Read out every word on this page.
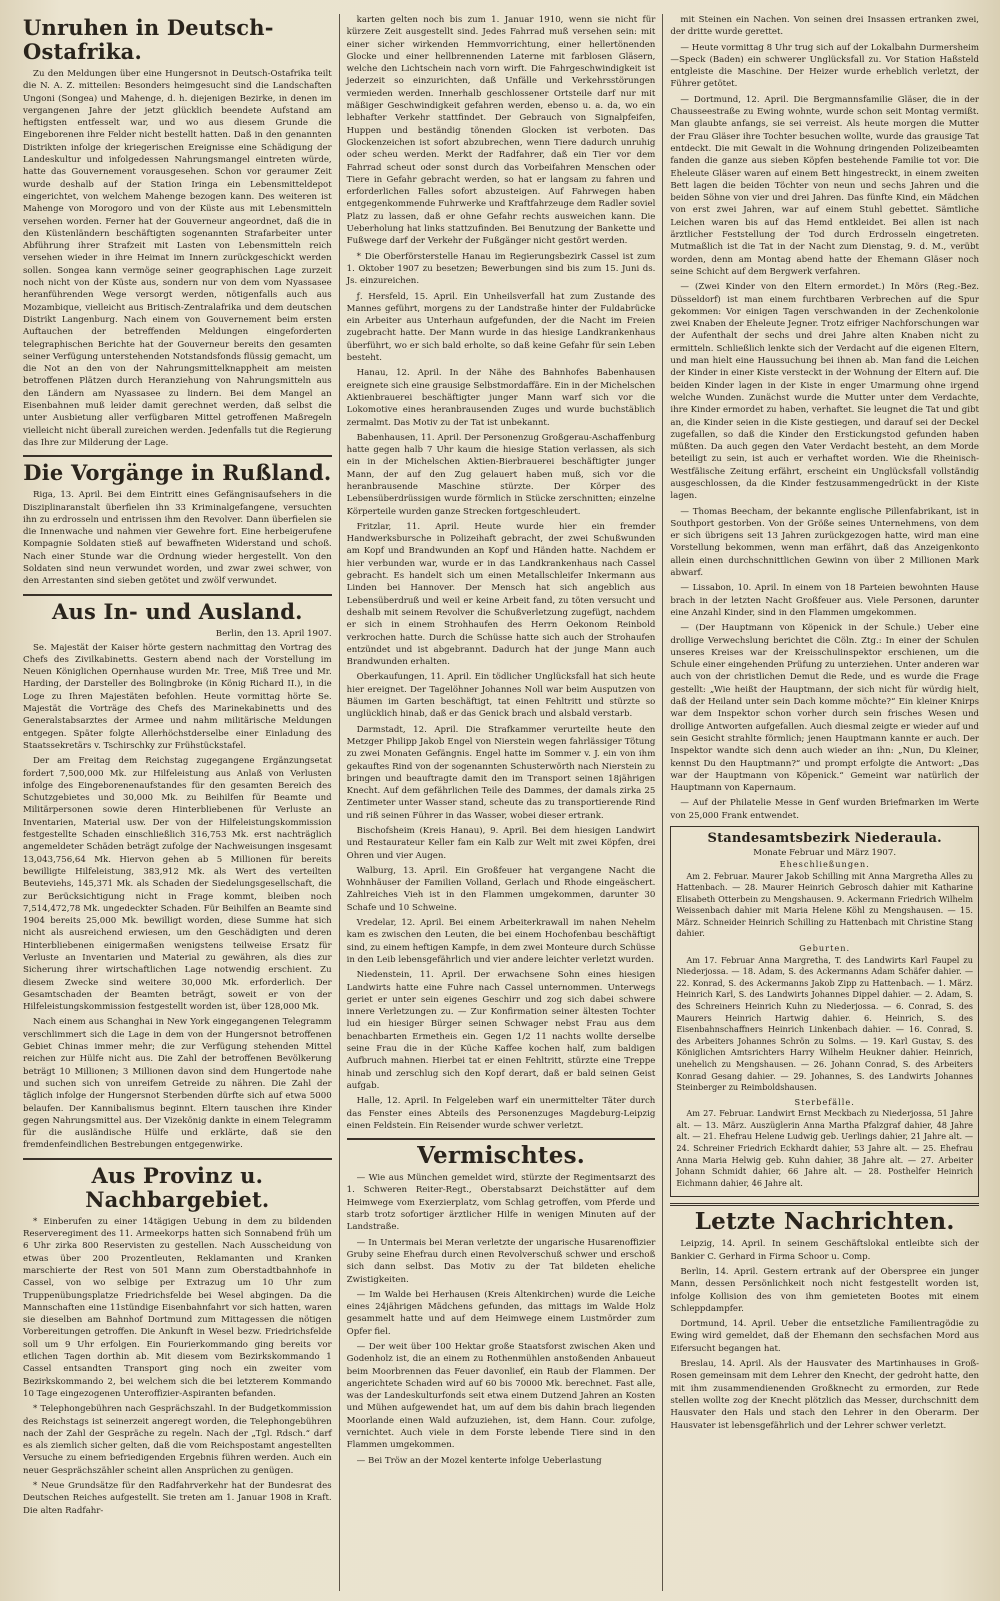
Unruhen in Deutsch-Ostafrika.

Zu den Meldungen über eine Hungersnot in Deutsch-Ostafrika teilt die N. A. Z. mitteilen: Besonders heimgesucht sind die Landschaften Ungoni (Songea) und Mahenge, d. h. diejenigen Bezirke, in denen im vergangenen Jahre der jetzt glücklich beendete Aufstand am heftigsten entfesselt war, und wo aus diesem Grunde die Eingeborenen ihre Felder nicht bestellt hatten. Daß in den genannten Distrikten infolge der kriegerischen Ereignisse eine Schädigung der Landeskultur und infolgedessen Nahrungsmangel eintreten würde, hatte das Gouvernement vorausgesehen. Schon vor geraumer Zeit wurde deshalb auf der Station Iringa ein Lebensmitteldepot eingerichtet, von welchem Mahenge bezogen kann. Des weiteren ist Mahenge von Morogoro und von der Küste aus mit Lebensmitteln versehen worden. Ferner hat der Gouverneur angeordnet, daß die in den Küstenländern beschäftigten sogenannten Strafarbeiter unter Abführung ihrer Strafzeit mit Lasten von Lebensmitteln reich versehen wieder in ihre Heimat im Innern zurückgeschickt werden sollen. Songea kann vermöge seiner geographischen Lage zurzeit noch nicht von der Küste aus, sondern nur von dem vom Nyassasee heranführenden Wege versorgt werden, nötigenfalls auch aus Mozambique, vielleicht aus Britisch-Zentralafrika und dem deutschen Distrikt Langenburg. Nach einem von Gouvernement beim ersten Auftauchen der betreffenden Meldungen eingeforderten telegraphischen Berichte hat der Gouverneur bereits den gesamten seiner Verfügung unterstehenden Notstandsfonds flüssig gemacht, um die Not an den von der Nahrungsmittelknappheit am meisten betroffenen Plätzen durch Heranziehung von Nahrungsmitteln aus den Ländern am Nyassasee zu lindern. Bei dem Mangel an Eisenbahnen muß leider damit gerechnet werden, daß selbst die unter Ausbietung aller verfügbaren Mittel getroffenen Maßregeln vielleicht nicht überall zureichen werden. Jedenfalls tut die Regierung das Ihre zur Milderung der Lage.

Die Vorgänge in Rußland.

Riga, 13. April. Bei dem Eintritt eines Gefängnisaufsehers in die Disziplinaranstalt überfielen ihn 33 Kriminalgefangene, versuchten ihn zu erdrosseln und entrissen ihm den Revolver. Dann überfielen sie die Innenwache und nahmen vier Gewehre fort. Eine herbeigerufene Kompagnie Soldaten stieß auf bewaffneten Widerstand und schoß. Nach einer Stunde war die Ordnung wieder hergestellt. Von den Soldaten sind neun verwundet worden, und zwar zwei schwer, von den Arrestanten sind sieben getötet und zwölf verwundet.

Aus In- und Ausland.
Berlin, den 13. April 1907.

Se. Majestät der Kaiser hörte gestern nachmittag den Vortrag des Chefs des Zivilkabinetts. Gestern abend nach der Vorstellung im Neuen Königlichen Opernhause wurden Mr. Tree, Miß Tree und Mr. Harding, der Darsteller des Bolingbroke (in König Richard II.), in die Loge zu Ihren Majestäten befohlen. Heute vormittag hörte Se. Majestät die Vorträge des Chefs des Marinekabinetts und des Generalstabsarztes der Armee und nahm militärische Meldungen entgegen. Später folgte Allerhöchstderselbe einer Einladung des Staatssekretärs v. Tschirschky zur Frühstückstafel.

Der am Freitag dem Reichstag zugegangene Ergänzungsetat fordert 7,500,000 Mk. zur Hilfeleistung aus Anlaß von Verlusten infolge des Eingeborenenaufstandes für den gesamten Bereich des Schutzgebietes und 30,000 Mk. zu Beihilfen für Beamte und Militärpersonen sowie deren Hinterbliebenen für Verluste an Inventarien, Material usw. Der von der Hilfeleistungskommission festgestellte Schaden einschließlich 316,753 Mk. erst nachträglich angemeldeter Schäden beträgt zufolge der Nachweisungen insgesamt 13,043,756,64 Mk. Hiervon gehen ab 5 Millionen für bereits bewilligte Hilfeleistung, 383,912 Mk. als Wert des verteilten Beuteviehs, 145,371 Mk. als Schaden der Siedelungsgesellschaft, die zur Berücksichtigung nicht in Frage kommt, bleiben noch 7,514,472,78 Mk. ungedeckter Schaden. Für Beihilfen an Beamte sind 1904 bereits 25,000 Mk. bewilligt worden, diese Summe hat sich nicht als ausreichend erwiesen, um den Geschädigten und deren Hinterbliebenen einigermaßen wenigstens teilweise Ersatz für Verluste an Inventarien und Material zu gewähren, als dies zur Sicherung ihrer wirtschaftlichen Lage notwendig erschient. Zu diesem Zwecke sind weitere 30,000 Mk. erforderlich. Der Gesamtschaden der Beamten beträgt, soweit er von der Hilfeleistungskommission festgestellt worden ist, über 128,000 Mk.

Nach einem aus Schanghai in New York eingegangenen Telegramm verschlimmert sich die Lage in dem von der Hungersnot betroffenen Gebiet Chinas immer mehr; die zur Verfügung stehenden Mittel reichen zur Hülfe nicht aus. Die Zahl der betroffenen Bevölkerung beträgt 10 Millionen; 3 Millionen davon sind dem Hungertode nahe und suchen sich von unreifem Getreide zu nähren. Die Zahl der täglich infolge der Hungersnot Sterbenden dürfte sich auf etwa 5000 belaufen. Der Kannibalismus beginnt. Eltern tauschen ihre Kinder gegen Nahrungsmittel aus. Der Vizekönig dankte in einem Telegramm für die ausländische Hülfe und erklärte, daß sie den fremdenfeindlichen Bestrebungen entgegenwirke.

Aus Provinz u. Nachbargebiet.

* Einberufen zu einer 14tägigen Uebung in dem zu bildenden Reserveregiment des 11. Armeekorps hatten sich Sonnabend früh um 6 Uhr zirka 800 Reservisten zu gestellen. Nach Ausscheidung von etwas über 200 Prozentleuten, Reklamanten und Kranken marschierte der Rest von 501 Mann zum Oberstadtbahnhofe in Cassel, von wo selbige per Extrazug um 10 Uhr zum Truppenübungsplatze Friedrichsfelde bei Wesel abgingen. Da die Mannschaften eine 11stündige Eisenbahnfahrt vor sich hatten, waren sie dieselben am Bahnhof Dortmund zum Mittagessen die nötigen Vorbereitungen getroffen. Die Ankunft in Wesel bezw. Friedrichsfelde soll um 9 Uhr erfolgen. Ein Fourierkommando ging bereits vor etlichen Tagen dorthin ab. Mit diesem vom Bezirkskommando 1 Cassel entsandten Transport ging noch ein zweiter vom Bezirkskommando 2, bei welchem sich die bei letzterem Kommando 10 Tage eingezogenen Unteroffizier-Aspiranten befanden.

* Telephongebühren nach Gesprächszahl. In der Budgetkommission des Reichstags ist seinerzeit angeregt worden, die Telephongebühren nach der Zahl der Gespräche zu regeln. Nach der „Tgl. Rdsch.“ darf es als ziemlich sicher gelten, daß die vom Reichspostamt angestellten Versuche zu einem befriedigenden Ergebnis führen werden. Auch ein neuer Gesprächszähler scheint allen Ansprüchen zu genügen.

* Neue Grundsätze für den Radfahrverkehr hat der Bundesrat des Deutschen Reiches aufgestellt. Sie treten am 1. Januar 1908 in Kraft. Die alten Radfahr-

karten gelten noch bis zum 1. Januar 1910, wenn sie nicht für kürzere Zeit ausgestellt sind. Jedes Fahrrad muß versehen sein: mit einer sicher wirkenden Hemmvorrichtung, einer hellertönenden Glocke und einer hellbrennenden Laterne mit farblosen Gläsern, welche den Lichtschein nach vorn wirft. Die Fahrgeschwindigkeit ist jederzeit so einzurichten, daß Unfälle und Verkehrsstörungen vermieden werden. Innerhalb geschlossener Ortsteile darf nur mit mäßiger Geschwindigkeit gefahren werden, ebenso u. a. da, wo ein lebhafter Verkehr stattfindet. Der Gebrauch von Signalpfeifen, Huppen und beständig tönenden Glocken ist verboten. Das Glockenzeichen ist sofort abzubrechen, wenn Tiere dadurch unruhig oder scheu werden. Merkt der Radfahrer, daß ein Tier vor dem Fahrrad scheut oder sonst durch das Vorbeifahren Menschen oder Tiere in Gefahr gebracht werden, so hat er langsam zu fahren und erforderlichen Falles sofort abzusteigen. Auf Fahrwegen haben entgegenkommende Fuhrwerke und Kraftfahrzeuge dem Radler soviel Platz zu lassen, daß er ohne Gefahr rechts ausweichen kann. Die Ueberholung hat links stattzufinden. Bei Benutzung der Bankette und Fußwege darf der Verkehr der Fußgänger nicht gestört werden.

* Die Oberförsterstelle Hanau im Regierungsbezirk Cassel ist zum 1. Oktober 1907 zu besetzen; Bewerbungen sind bis zum 15. Juni ds. Js. einzureichen.

ƒ. Hersfeld, 15. April. Ein Unheilsverfall hat zum Zustande des Mannes geführt, morgens zu der Landstraße hinter der Fuldabrücke ein Arbeiter aus Unterhaun aufgefunden, der die Nacht im Freien zugebracht hatte. Der Mann wurde in das hiesige Landkrankenhaus überführt, wo er sich bald erholte, so daß keine Gefahr für sein Leben besteht.

Hanau, 12. April. In der Nähe des Bahnhofes Babenhausen ereignete sich eine grausige Selbstmordaffäre. Ein in der Michelschen Aktienbrauerei beschäftigter junger Mann warf sich vor die Lokomotive eines heranbrausenden Zuges und wurde buchstäblich zermalmt. Das Motiv zu der Tat ist unbekannt.

Babenhausen, 11. April. Der Personenzug Großgerau-Aschaffenburg hatte gegen halb 7 Uhr kaum die hiesige Station verlassen, als sich ein in der Michelschen Aktien-Bierbrauerei beschäftigter junger Mann, der auf den Zug gelauert haben muß, sich vor die heranbrausende Maschine stürzte. Der Körper des Lebensüberdrüssigen wurde förmlich in Stücke zerschnitten; einzelne Körperteile wurden ganze Strecken fortgeschleudert.

Fritzlar, 11. April. Heute wurde hier ein fremder Handwerksbursche in Polizeihaft gebracht, der zwei Schußwunden am Kopf und Brandwunden an Kopf und Händen hatte. Nachdem er hier verbunden war, wurde er in das Landkrankenhaus nach Cassel gebracht. Es handelt sich um einen Metallschleifer Inkermann aus Linden bei Hannover. Der Mensch hat sich angeblich aus Lebensüberdruß und weil er keine Arbeit fand, zu töten versucht und deshalb mit seinem Revolver die Schußverletzung zugefügt, nachdem er sich in einem Strohhaufen des Herrn Oekonom Reinbold verkrochen hatte. Durch die Schüsse hatte sich auch der Strohaufen entzündet und ist abgebrannt. Dadurch hat der junge Mann auch Brandwunden erhalten.

Oberkaufungen, 11. April. Ein tödlicher Unglücksfall hat sich heute hier ereignet. Der Tagelöhner Johannes Noll war beim Ausputzen von Bäumen im Garten beschäftigt, tat einen Fehltritt und stürzte so unglücklich hinab, daß er das Genick brach und alsbald verstarb.

Darmstadt, 12. April. Die Strafkammer verurteilte heute den Metzger Philipp Jakob Engel von Nierstein wegen fahrlässiger Tötung zu zwei Monaten Gefängnis. Engel hatte im Sommer v. J. ein von ihm gekauftes Rind von der sogenannten Schusterwörth nach Nierstein zu bringen und beauftragte damit den im Transport seinen 18jährigen Knecht. Auf dem gefährlichen Teile des Dammes, der damals zirka 25 Zentimeter unter Wasser stand, scheute das zu transportierende Rind und riß seinen Führer in das Wasser, wobei dieser ertrank.

Bischofsheim (Kreis Hanau), 9. April. Bei dem hiesigen Landwirt und Restaurateur Keller fam ein Kalb zur Welt mit zwei Köpfen, drei Ohren und vier Augen.

Walburg, 13. April. Ein Großfeuer hat vergangene Nacht die Wohnhäuser der Familien Volland, Gerlach und Rhode eingeäschert. Zahlreiches Vieh ist in den Flammen umgekommen, darunter 30 Schafe und 10 Schweine.

Vredelar, 12. April. Bei einem Arbeiterkrawall im nahen Nehelm kam es zwischen den Leuten, die bei einem Hochofenbau beschäftigt sind, zu einem heftigen Kampfe, in dem zwei Monteure durch Schüsse in den Leib lebensgefährlich und vier andere leichter verletzt wurden.

Niedenstein, 11. April. Der erwachsene Sohn eines hiesigen Landwirts hatte eine Fuhre nach Cassel unternommen. Unterwegs geriet er unter sein eigenes Geschirr und zog sich dabei schwere innere Verletzungen zu. — Zur Konfirmation seiner ältesten Tochter lud ein hiesiger Bürger seinen Schwager nebst Frau aus dem benachbarten Ermetheis ein. Gegen 1/2 11 nachts wollte derselbe seine Frau die in der Küche Kaffee kochen half, zum baldigen Aufbruch mahnen. Hierbei tat er einen Fehltritt, stürzte eine Treppe hinab und zerschlug sich den Kopf derart, daß er bald seinen Geist aufgab.

Halle, 12. April. In Felgeleben warf ein unermittelter Täter durch das Fenster eines Abteils des Personenzuges Magdeburg-Leipzig einen Feldstein. Ein Reisender wurde schwer verletzt.

Vermischtes.

— Wie aus München gemeldet wird, stürzte der Regimentsarzt des 1. Schweren Reiter-Regt., Oberstabsarzt Deichstätter auf dem Heimwege vom Exerzierplatz, vom Schlag getroffen, vom Pferde und starb trotz sofortiger ärztlicher Hilfe in wenigen Minuten auf der Landstraße.

— In Untermais bei Meran verletzte der ungarische Husarenoffizier Gruby seine Ehefrau durch einen Revolverschuß schwer und erschoß sich dann selbst. Das Motiv zu der Tat bildeten eheliche Zwistigkeiten.

— Im Walde bei Herhausen (Kreis Altenkirchen) wurde die Leiche eines 24jährigen Mädchens gefunden, das mittags im Walde Holz gesammelt hatte und auf dem Heimwege einem Lustmörder zum Opfer fiel.

— Der weit über 100 Hektar große Staatsforst zwischen Aken und Godenholz ist, die an einem zu Rothenmühlen anstoßenden Anbaueut beim Moorbrennen das Feuer davonlief, ein Raub der Flammen. Der angerichtete Schaden wird auf 60 bis 70000 Mk. berechnet. Fast alle, was der Landeskulturfonds seit etwa einem Dutzend Jahren an Kosten und Mühen aufgewendet hat, um auf dem bis dahin brach liegenden Moorlande einen Wald aufzuziehen, ist, dem Hann. Cour. zufolge, vernichtet. Auch viele in dem Forste lebende Tiere sind in den Flammen umgekommen.

— Bei Tröw an der Mozel kenterte infolge Ueberlastung

mit Steinen ein Nachen. Von seinen drei Insassen ertranken zwei, der dritte wurde gerettet.

— Heute vormittag 8 Uhr trug sich auf der Lokalbahn Durmersheim—Speck (Baden) ein schwerer Unglücksfall zu. Vor Station Haßsteld entgleiste die Maschine. Der Heizer wurde erheblich verletzt, der Führer getötet.

— Dortmund, 12. April. Die Bergmannsfamilie Gläser, die in der Chausseestraße zu Ewing wohnte, wurde schon seit Montag vermißt. Man glaubte anfangs, sie sei verreist. Als heute morgen die Mutter der Frau Gläser ihre Tochter besuchen wollte, wurde das grausige Tat entdeckt. Die mit Gewalt in die Wohnung dringenden Polizeibeamten fanden die ganze aus sieben Köpfen bestehende Familie tot vor. Die Eheleute Gläser waren auf einem Bett hingestreckt, in einem zweiten Bett lagen die beiden Töchter von neun und sechs Jahren und die beiden Söhne von vier und drei Jahren. Das fünfte Kind, ein Mädchen von erst zwei Jahren, war auf einem Stuhl gebettet. Sämtliche Leichen waren bis auf das Hemd entkleidet. Bei allen ist nach ärztlicher Feststellung der Tod durch Erdrosseln eingetreten. Mutmaßlich ist die Tat in der Nacht zum Dienstag, 9. d. M., verübt worden, denn am Montag abend hatte der Ehemann Gläser noch seine Schicht auf dem Bergwerk verfahren.

— (Zwei Kinder von den Eltern ermordet.) In Mörs (Reg.-Bez. Düsseldorf) ist man einem furchtbaren Verbrechen auf die Spur gekommen: Vor einigen Tagen verschwanden in der Zechenkolonie zwei Knaben der Eheleute Jegner. Trotz eifriger Nachforschungen war der Aufenthalt der sechs und drei Jahre alten Knaben nicht zu ermitteln. Schließlich lenkte sich der Verdacht auf die eigenen Eltern, und man hielt eine Haussuchung bei ihnen ab. Man fand die Leichen der Kinder in einer Kiste versteckt in der Wohnung der Eltern auf. Die beiden Kinder lagen in der Kiste in enger Umarmung ohne irgend welche Wunden. Zunächst wurde die Mutter unter dem Verdachte, ihre Kinder ermordet zu haben, verhaftet. Sie leugnet die Tat und gibt an, die Kinder seien in die Kiste gestiegen, und darauf sei der Deckel zugefallen, so daß die Kinder den Erstickungstod gefunden haben müßten. Da auch gegen den Vater Verdacht besteht, an dem Morde beteiligt zu sein, ist auch er verhaftet worden. Wie die Rheinisch-Westfälische Zeitung erfährt, erscheint ein Unglücksfall vollständig ausgeschlossen, da die Kinder festzusammengedrückt in der Kiste lagen.

— Thomas Beecham, der bekannte englische Pillenfabrikant, ist in Southport gestorben. Von der Größe seines Unternehmens, von dem er sich übrigens seit 13 Jahren zurückgezogen hatte, wird man eine Vorstellung bekommen, wenn man erfährt, daß das Anzeigenkonto allein einen durchschnittlichen Gewinn von über 2 Millionen Mark abwarf.

— Lissabon, 10. April. In einem von 18 Parteien bewohnten Hause brach in der letzten Nacht Großfeuer aus. Viele Personen, darunter eine Anzahl Kinder, sind in den Flammen umgekommen.

— (Der Hauptmann von Köpenick in der Schule.) Ueber eine drollige Verwechslung berichtet die Cöln. Ztg.: In einer der Schulen unseres Kreises war der Kreisschulinspektor erschienen, um die Schule einer eingehenden Prüfung zu unterziehen. Unter anderen war auch von der christlichen Demut die Rede, und es wurde die Frage gestellt: „Wie heißt der Hauptmann, der sich nicht für würdig hielt, daß der Heiland unter sein Dach komme möchte?“ Ein kleiner Knirps war dem Inspektor schon vorher durch sein frisches Wesen und drollige Antworten aufgefallen. Auch diesmal zeigte er wieder auf und sein Gesicht strahlte förmlich; jenen Hauptmann kannte er auch. Der Inspektor wandte sich denn auch wieder an ihn: „Nun, Du Kleiner, kennst Du den Hauptmann?“ und prompt erfolgte die Antwort: „Das war der Hauptmann von Köpenick.“ Gemeint war natürlich der Hauptmann von Kapernaum.

— Auf der Philatelie Messe in Genf wurden Briefmarken im Werte von 25,000 Frank entwendet.

Standesamtsbezirk Niederaula.
Monate Februar und März 1907.
Eheschließungen.

Am 2. Februar. Maurer Jakob Schilling mit Anna Margretha Alles zu Hattenbach. — 28. Maurer Heinrich Gebrosch dahier mit Katharine Elisabeth Otterbein zu Mengshausen. 9. Ackermann Friedrich Wilhelm Weissenbach dahier mit Maria Helene Köhl zu Mengshausen. — 15. März. Schneider Heinrich Schilling zu Hattenbach mit Christine Stang dahier.

Geburten.

Am 17. Februar Anna Margretha, T. des Landwirts Karl Faupel zu Niederjossa. — 18. Adam, S. des Ackermanns Adam Schäfer dahier. — 22. Konrad, S. des Ackermanns Jakob Zipp zu Hattenbach. — 1. März. Heinrich Karl, S. des Landwirts Johannes Dippel dahier. — 2. Adam, S. des Schreiners Heinrich Kuhn zu Niederjossa. — 6. Conrad, S. des Maurers Heinrich Hartwig dahier. 6. Heinrich, S. des Eisenbahnschaffners Heinrich Linkenbach dahier. — 16. Conrad, S. des Arbeiters Johannes Schrön zu Solms. — 19. Karl Gustav, S. des Königlichen Amtsrichters Harry Wilhelm Heukner dahier. Heinrich, unehelich zu Mengshausen. — 26. Johann Conrad, S. des Arbeiters Konrad Gesang dahier. — 29. Johannes, S. des Landwirts Johannes Steinberger zu Reimboldshausen.

Sterbefälle.

Am 27. Februar. Landwirt Ernst Meckbach zu Niederjossa, 51 Jahre alt. — 13. März. Auszüglerin Anna Martha Pfalzgraf dahier, 48 Jahre alt. — 21. Ehefrau Helene Ludwig geb. Uerlings dahier, 21 Jahre alt. — 24. Schreiner Friedrich Eckhardt dahier, 53 Jahre alt. — 25. Ehefrau Anna Maria Helwig geb. Kuhn dahier, 38 Jahre alt. — 27. Arbeiter Johann Schmidt dahier, 66 Jahre alt. — 28. Posthelfer Heinrich Eichmann dahier, 46 Jahre alt.

Letzte Nachrichten.

Leipzig, 14. April. In seinem Geschäftslokal entleibte sich der Bankier C. Gerhard in Firma Schoor u. Comp.

Berlin, 14. April. Gestern ertrank auf der Oberspree ein junger Mann, dessen Persönlichkeit noch nicht festgestellt worden ist, infolge Kollision des von ihm gemieteten Bootes mit einem Schleppdampfer.

Dortmund, 14. April. Ueber die entsetzliche Familientragödie zu Ewing wird gemeldet, daß der Ehemann den sechsfachen Mord aus Eifersucht begangen hat.

Breslau, 14. April. Als der Hausvater des Martinhauses in Groß-Rosen gemeinsam mit dem Lehrer den Knecht, der gedroht hatte, den mit ihm zusammendienenden Großknecht zu ermorden, zur Rede stellen wollte zog der Knecht plötzlich das Messer, durchschnitt dem Hausvater den Hals und stach den Lehrer in den Oberarm. Der Hausvater ist lebensgefährlich und der Lehrer schwer verletzt.
